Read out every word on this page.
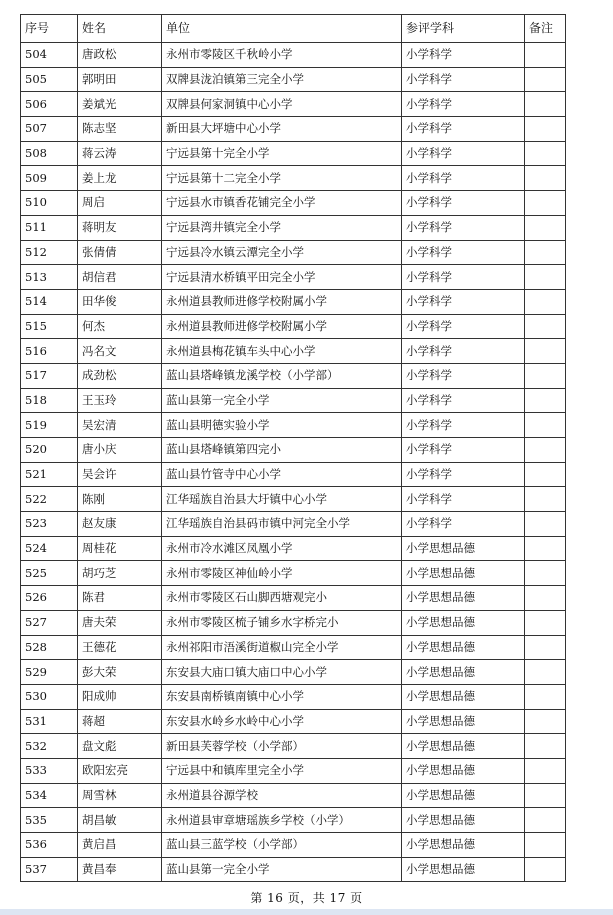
序号	姓名	单位	参评学科	备注
504	唐政松	永州市零陵区千秋岭小学	小学科学	
505	郭明田	双牌县泷泊镇第三完全小学	小学科学	
506	姜斌光	双牌县何家洞镇中心小学	小学科学	
507	陈志坚	新田县大坪塘中心小学	小学科学	
508	蒋云涛	宁远县第十完全小学	小学科学	
509	姜上龙	宁远县第十二完全小学	小学科学	
510	周启	宁远县水市镇香花铺完全小学	小学科学	
511	蒋明友	宁远县湾井镇完全小学	小学科学	
512	张倩倩	宁远县冷水镇云潭完全小学	小学科学	
513	胡信君	宁远县清水桥镇平田完全小学	小学科学	
514	田华俊	永州道县教师进修学校附属小学	小学科学	
515	何杰	永州道县教师进修学校附属小学	小学科学	
516	冯名文	永州道县梅花镇车头中心小学	小学科学	
517	成劲松	蓝山县塔峰镇龙溪学校（小学部）	小学科学	
518	王玉玲	蓝山县第一完全小学	小学科学	
519	吴宏清	蓝山县明德实验小学	小学科学	
520	唐小庆	蓝山县塔峰镇第四完小	小学科学	
521	吴会许	蓝山县竹管寺中心小学	小学科学	
522	陈刚	江华瑶族自治县大圩镇中心小学	小学科学	
523	赵友康	江华瑶族自治县码市镇中河完全小学	小学科学	
524	周桂花	永州市冷水滩区凤凰小学	小学思想品德	
525	胡巧芝	永州市零陵区神仙岭小学	小学思想品德	
526	陈君	永州市零陵区石山脚西塘观完小	小学思想品德	
527	唐夫荣	永州市零陵区梳子铺乡水字桥完小	小学思想品德	
528	王德花	永州祁阳市浯溪街道椒山完全小学	小学思想品德	
529	彭大荣	东安县大庙口镇大庙口中心小学	小学思想品德	
530	阳成帅	东安县南桥镇南镇中心小学	小学思想品德	
531	蒋超	东安县水岭乡水岭中心小学	小学思想品德	
532	盘文彪	新田县芙蓉学校（小学部）	小学思想品德	
533	欧阳宏亮	宁远县中和镇库里完全小学	小学思想品德	
534	周雪林	永州道县谷源学校	小学思想品德	
535	胡昌敏	永州道县审章塘瑶族乡学校（小学）	小学思想品德	
536	黄启昌	蓝山县三蓝学校（小学部）	小学思想品德	
537	黄昌奉	蓝山县第一完全小学	小学思想品德	
第 16 页，共 17 页
